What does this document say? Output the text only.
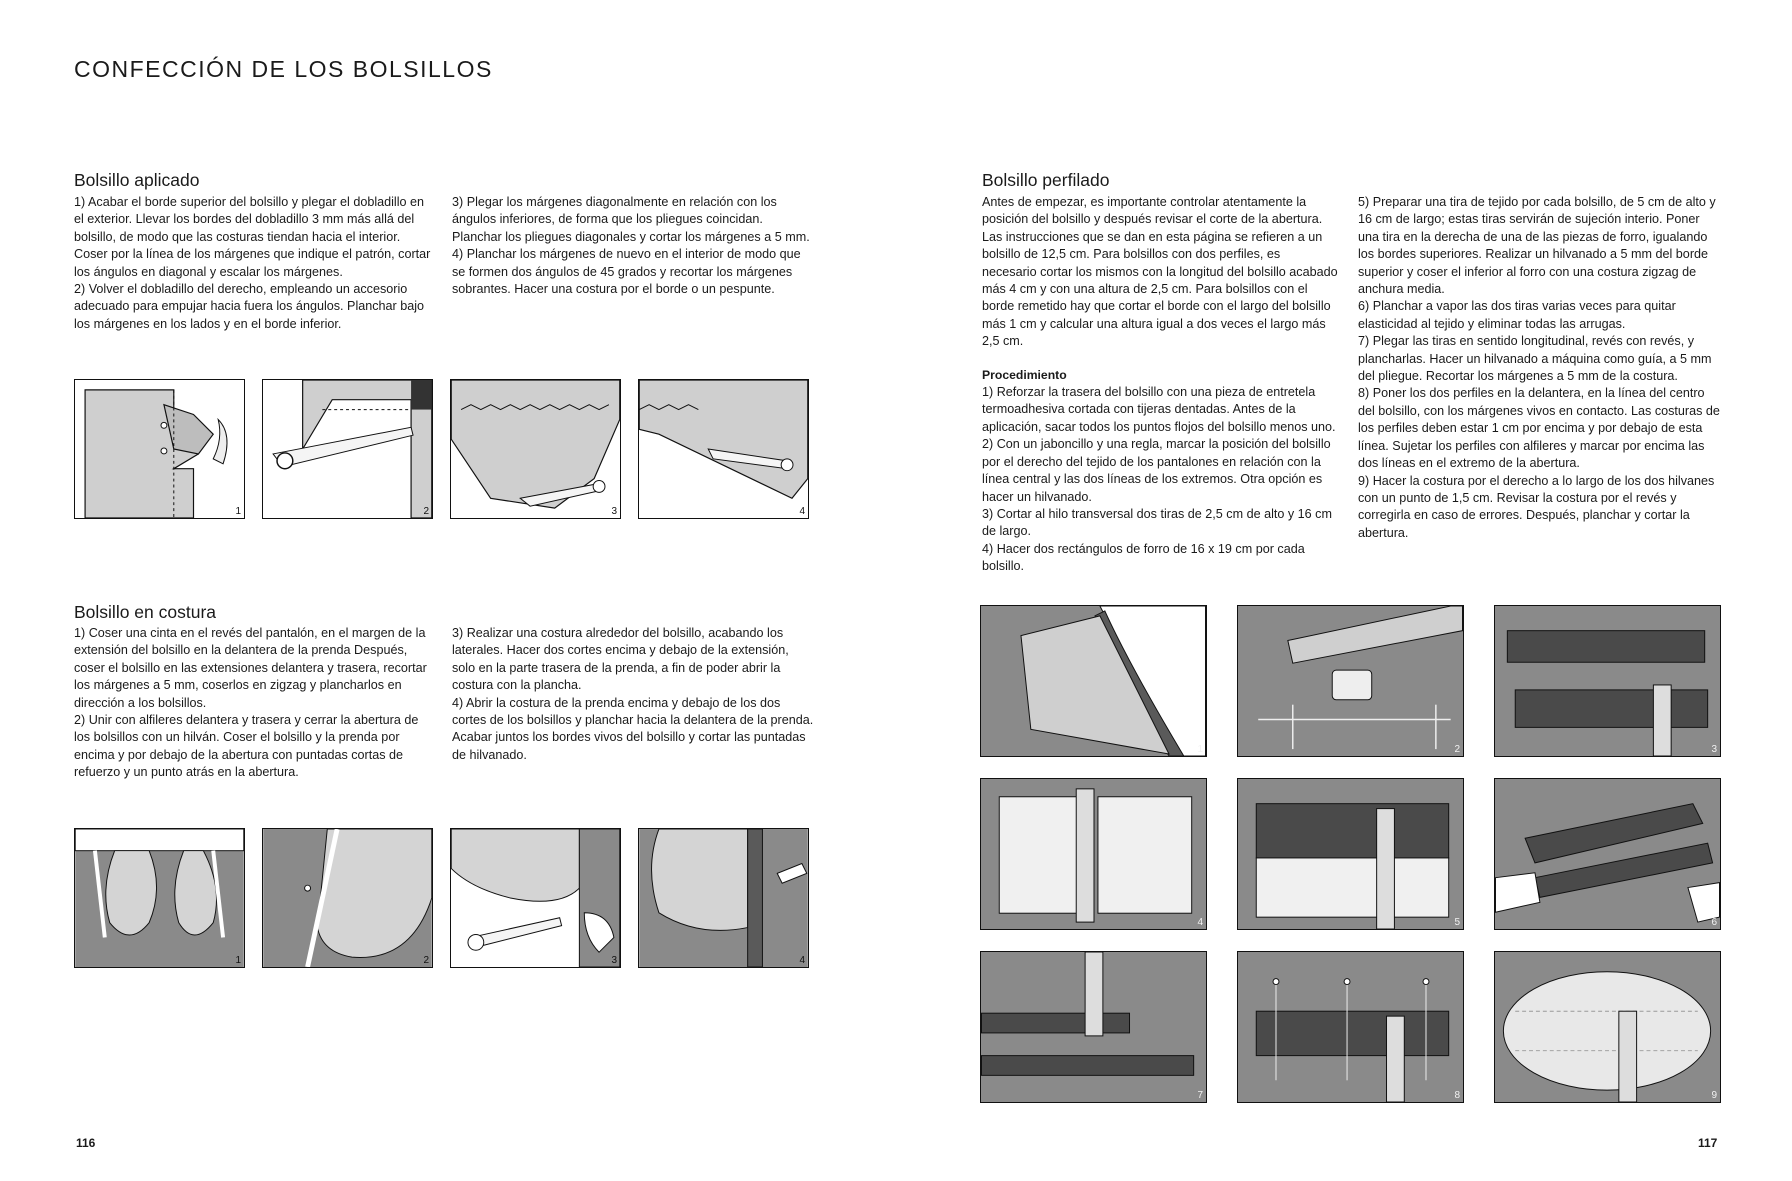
CONFECCIÓN DE LOS BOLSILLOS
Bolsillo aplicado

1) Acabar el borde superior del bolsillo y plegar el dobladillo en el exterior. Llevar los bordes del dobladillo 3 mm más allá del bolsillo, de modo que las costuras tiendan hacia el interior. Coser por la línea de los márgenes que indique el patrón, cortar los ángulos en diagonal y escalar los márgenes.

2) Volver el dobladillo del derecho, empleando un accesorio adecuado para empujar hacia fuera los ángulos. Planchar bajo los márgenes en los lados y en el borde inferior.

3) Plegar los márgenes diagonalmente en relación con los ángulos inferiores, de forma que los pliegues coincidan. Planchar los pliegues diagonales y cortar los márgenes a 5 mm.

4) Planchar los márgenes de nuevo en el interior de modo que se formen dos ángulos de 45 grados y recortar los márgenes sobrantes. Hacer una costura por el borde o un pespunte.

1	2	3	4
Bolsillo en costura

1) Coser una cinta en el revés del pantalón, en el margen de la extensión del bolsillo en la delantera de la prenda Después, coser el bolsillo en las extensiones delantera y trasera, recortar los márgenes a 5 mm, coserlos en zigzag y plancharlos en dirección a los bolsillos.

2) Unir con alfileres delantera y trasera y cerrar la abertura de los bolsillos con un hilván. Coser el bolsillo y la prenda por encima y por debajo de la abertura con puntadas cortas de refuerzo y un punto atrás en la abertura.

3) Realizar una costura alrededor del bolsillo, acabando los laterales. Hacer dos cortes encima y debajo de la extensión, solo en la parte trasera de la prenda, a fin de poder abrir la costura con la plancha.

4) Abrir la costura de la prenda encima y debajo de los dos cortes de los bolsillos y planchar hacia la delantera de la prenda. Acabar juntos los bordes vivos del bolsillo y cortar las puntadas de hilvanado.

1	2	3	4
116
Bolsillo perfilado

Antes de empezar, es importante controlar atentamente la posición del bolsillo y después revisar el corte de la abertura. Las instrucciones que se dan en esta página se refieren a un bolsillo de 12,5 cm. Para bolsillos con dos perfiles, es necesario cortar los mismos con la longitud del bolsillo acabado más 4 cm y con una altura de 2,5 cm. Para bolsillos con el borde remetido hay que cortar el borde con el largo del bolsillo más 1 cm y calcular una altura igual a dos veces el largo más 2,5 cm.

Procedimiento

1) Reforzar la trasera del bolsillo con una pieza de entretela termoadhesiva cortada con tijeras dentadas. Antes de la aplicación, sacar todos los puntos flojos del bolsillo menos uno.

2) Con un jaboncillo y una regla, marcar la posición del bolsillo por el derecho del tejido de los pantalones en relación con la línea central y las dos líneas de los extremos. Otra opción es hacer un hilvanado.

3) Cortar al hilo transversal dos tiras de 2,5 cm de alto y 16 cm de largo.

4) Hacer dos rectángulos de forro de 16 x 19 cm por cada bolsillo.

5) Preparar una tira de tejido por cada bolsillo, de 5 cm de alto y 16 cm de largo; estas tiras servirán de sujeción interio. Poner una tira en la derecha de una de las piezas de forro, igualando los bordes superiores. Realizar un hilvanado a 5 mm del borde superior y coser el inferior al forro con una costura zigzag de anchura media.

6) Planchar a vapor las dos tiras varias veces para quitar elasticidad al tejido y eliminar todas las arrugas.

7) Plegar las tiras en sentido longitudinal, revés con revés, y plancharlas. Hacer un hilvanado a máquina como guía, a 5 mm del pliegue. Recortar los márgenes a 5 mm de la costura.

8) Poner los dos perfiles en la delantera, en la línea del centro del bolsillo, con los márgenes vivos en contacto. Las costuras de los perfiles deben estar 1 cm por encima y por debajo de esta línea. Sujetar los perfiles con alfileres y marcar por encima las dos líneas en el extremo de la abertura.

9) Hacer la costura por el derecho a lo largo de los dos hilvanes con un punto de 1,5 cm. Revisar la costura por el revés y corregirla en caso de errores. Después, planchar y cortar la abertura.

1	2	3
4	5	6
7	8	9
117
